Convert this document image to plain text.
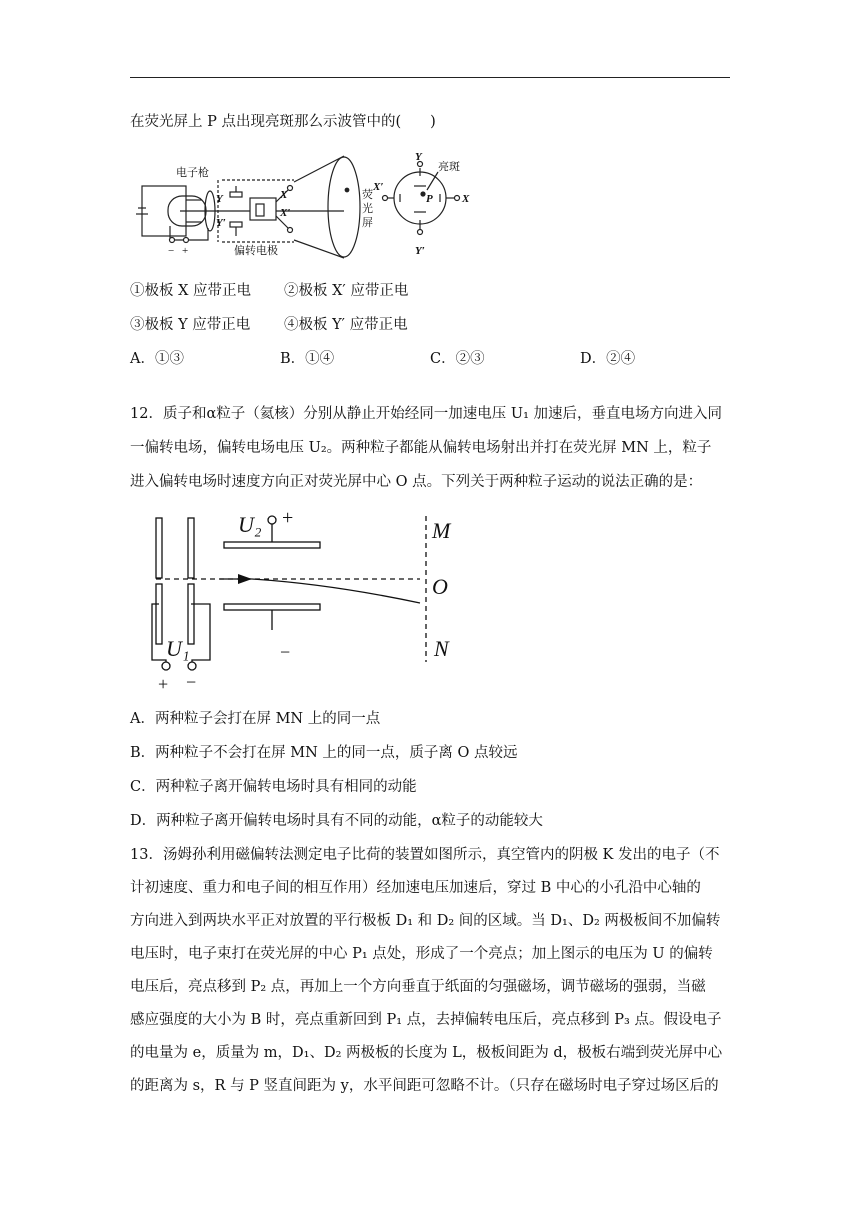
在荧光屏上 P 点出现亮斑那么示波管中的(　　)
电子枪
偏转电极
Y
Y′
X
X′
荧
光
屏
X′
Y
Y′
X
P
亮斑
− +
①极板 X 应带正电 ②极板 X′ 应带正电
③极板 Y 应带正电 ④极板 Y′ 应带正电
A．①③	B．①④	C．②③	D．②④
12．质子和α粒子（氦核）分别从静止开始经同一加速电压 U₁ 加速后，垂直电场方向进入同
一偏转电场，偏转电场电压 U₂。两种粒子都能从偏转电场射出并打在荧光屏 MN 上，粒子
进入偏转电场时速度方向正对荧光屏中心 O 点。下列关于两种粒子运动的说法正确的是：
U₂ +
−
U₁
+ −
M
O
N
A．两种粒子会打在屏 MN 上的同一点
B．两种粒子不会打在屏 MN 上的同一点，质子离 O 点较远
C．两种粒子离开偏转电场时具有相同的动能
D．两种粒子离开偏转电场时具有不同的动能，α粒子的动能较大
13．汤姆孙利用磁偏转法测定电子比荷的装置如图所示，真空管内的阴极 K 发出的电子（不
计初速度、重力和电子间的相互作用）经加速电压加速后，穿过 B 中心的小孔沿中心轴的
方向进入到两块水平正对放置的平行极板 D₁ 和 D₂ 间的区域。当 D₁、D₂ 两极板间不加偏转
电压时，电子束打在荧光屏的中心 P₁ 点处，形成了一个亮点；加上图示的电压为 U 的偏转
电压后，亮点移到 P₂ 点，再加上一个方向垂直于纸面的匀强磁场，调节磁场的强弱，当磁
感应强度的大小为 B 时，亮点重新回到 P₁ 点，去掉偏转电压后，亮点移到 P₃ 点。假设电子
的电量为 e，质量为 m，D₁、D₂ 两极板的长度为 L，极板间距为 d，极板右端到荧光屏中心
的距离为 s，R 与 P 竖直间距为 y，水平间距可忽略不计。（只存在磁场时电子穿过场区后的
